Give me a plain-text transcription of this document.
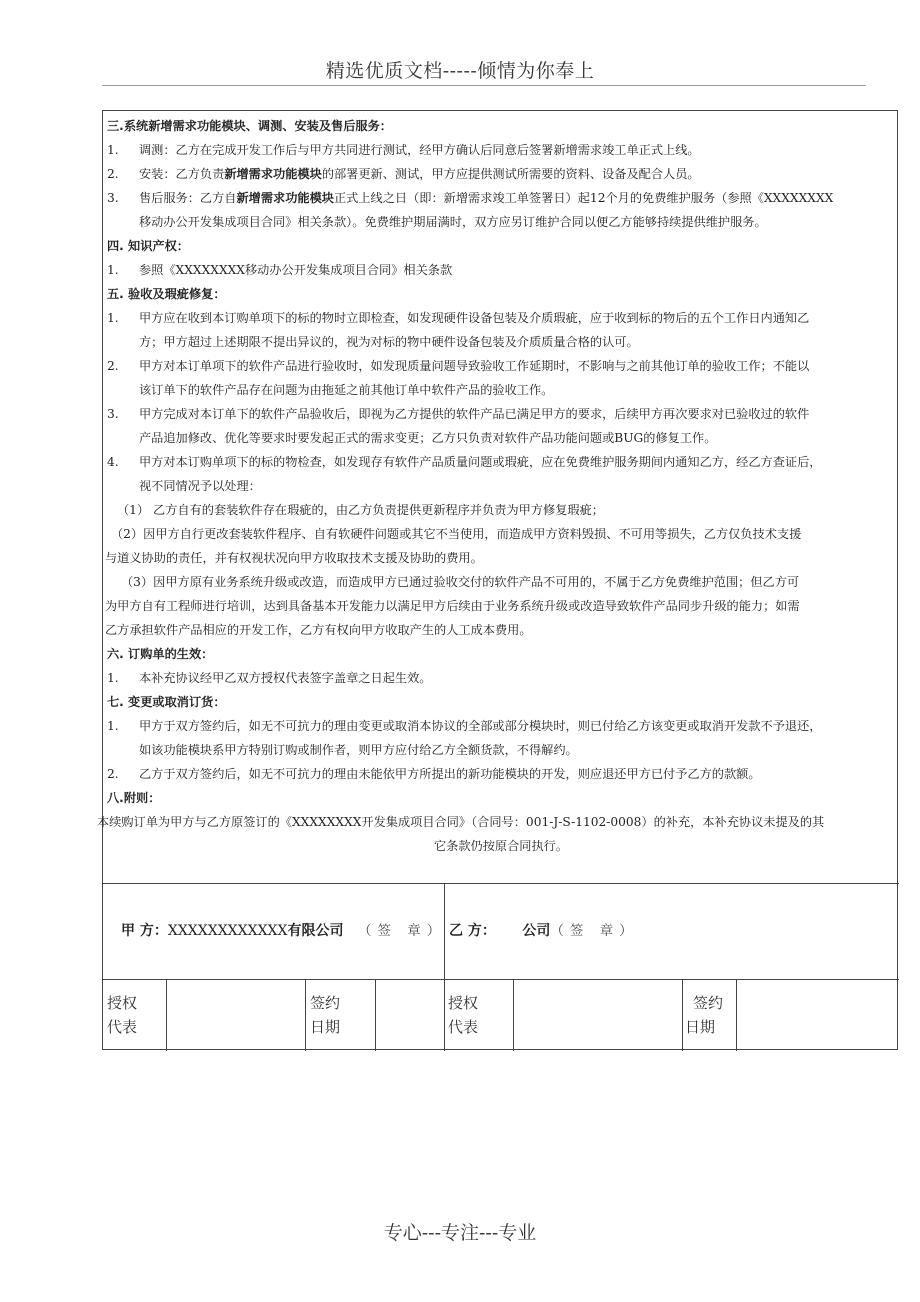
精选优质文档-----倾情为你奉上
三.系统新增需求功能模块、调测、安装及售后服务：
1. 调测：乙方在完成开发工作后与甲方共同进行测试，经甲方确认后同意后签署新增需求竣工单正式上线。
2. 安装：乙方负责新增需求功能模块的部署更新、测试，甲方应提供测试所需要的资料、设备及配合人员。
3. 售后服务：乙方自新增需求功能模块正式上线之日（即：新增需求竣工单签署日）起12个月的免费维护服务（参照《XXXXXXXX
移动办公开发集成项目合同》相关条款）。免费维护期届满时，双方应另订维护合同以便乙方能够持续提供维护服务。
四. 知识产权：
1. 参照《XXXXXXXX移动办公开发集成项目合同》相关条款
五. 验收及瑕疵修复：
1. 甲方应在收到本订购单项下的标的物时立即检查，如发现硬件设备包装及介质瑕疵，应于收到标的物后的五个工作日内通知乙
方；甲方超过上述期限不提出异议的，视为对标的物中硬件设备包装及介质质量合格的认可。
2. 甲方对本订单项下的软件产品进行验收时，如发现质量问题导致验收工作延期时，不影响与之前其他订单的验收工作；不能以
该订单下的软件产品存在问题为由拖延之前其他订单中软件产品的验收工作。
3. 甲方完成对本订单下的软件产品验收后，即视为乙方提供的软件产品已满足甲方的要求，后续甲方再次要求对已验收过的软件
产品追加修改、优化等要求时要发起正式的需求变更；乙方只负责对软件产品功能问题或BUG的修复工作。
4. 甲方对本订购单项下的标的物检查，如发现存有软件产品质量问题或瑕疵，应在免费维护服务期间内通知乙方，经乙方查证后，
视不同情况予以处理：
（1） 乙方自有的套装软件存在瑕疵的，由乙方负责提供更新程序并负责为甲方修复瑕疵；
（2）因甲方自行更改套装软件程序、自有软硬件问题或其它不当使用，而造成甲方资料毁损、不可用等损失，乙方仅负技术支援
与道义协助的责任，并有权视状况向甲方收取技术支援及协助的费用。
（3）因甲方原有业务系统升级或改造，而造成甲方已通过验收交付的软件产品不可用的，不属于乙方免费维护范围；但乙方可
为甲方自有工程师进行培训，达到具备基本开发能力以满足甲方后续由于业务系统升级或改造导致软件产品同步升级的能力；如需
乙方承担软件产品相应的开发工作，乙方有权向甲方收取产生的人工成本费用。
六. 订购单的生效：
1. 本补充协议经甲乙双方授权代表签字盖章之日起生效。
七. 变更或取消订货：
1. 甲方于双方签约后，如无不可抗力的理由变更或取消本协议的全部或部分模块时，则已付给乙方该变更或取消开发款不予退还，
如该功能模块系甲方特别订购或制作者，则甲方应付给乙方全额货款，不得解约。
2. 乙方于双方签约后，如无不可抗力的理由未能依甲方所提出的新功能模块的开发，则应退还甲方已付予乙方的款额。
八.附则：
本续购订单为甲方与乙方原签订的《XXXXXXXX开发集成项目合同》（合同号：001-J-S-1102-0008）的补充，本补充协议未提及的其
它条款仍按原合同执行。
甲 方：XXXXXXXXXXXX有限公司 （签 章） 乙 方： 公司（签 章）
授权
代表
签约
日期
授权
代表
签约
日期
专心---专注---专业
